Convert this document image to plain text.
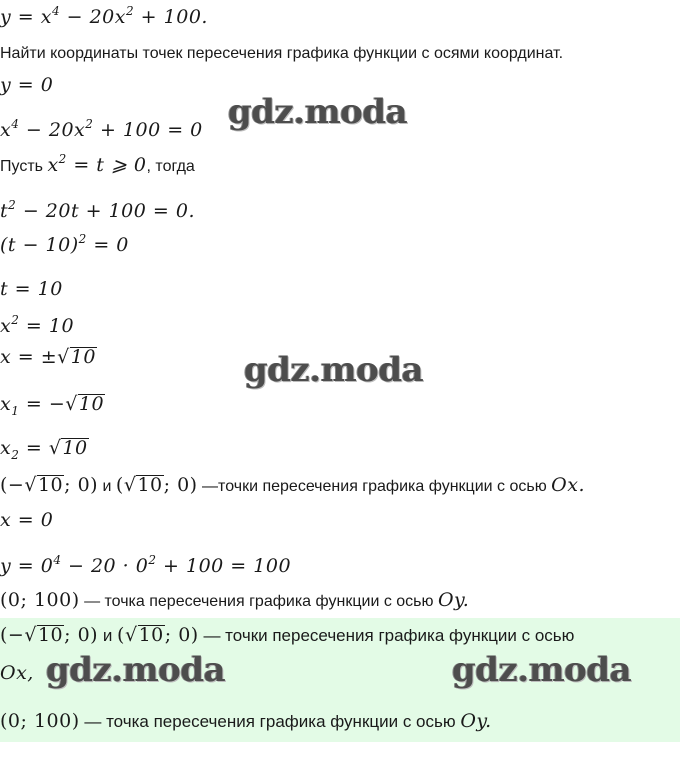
$y = x^4 - 20x^2 + 100$.
Найти координаты точек пересечения графика функции с осями координат.
y = 0
$x^4 - 20x^2 + 100 = 0$
Пусть $x^2 = t$ ⩾ 0, тогда
$t^2 - 20t + 100 = 0$.
$(t - 10)^2 = 0$
t = 10
$x^2 = 10$
x = ±√10
$x_1 = -√10$
$x_2 = √10$
(−√10; 0) и (√10; 0) —точки пересечения графика функции с осью Ox.
x = 0
$y = 0^4 - 20 \cdot 0^2 + 100 = 100$
(0; 100) — точка пересечения графика функции с осью Oy.
(−√10; 0) и (√10; 0) — точки пересечения графика функции с осью
Ox,
(0; 100) — точка пересечения графика функции с осью Oy.
gdz.moda
gdz.moda
gdz.moda	gdz.moda
